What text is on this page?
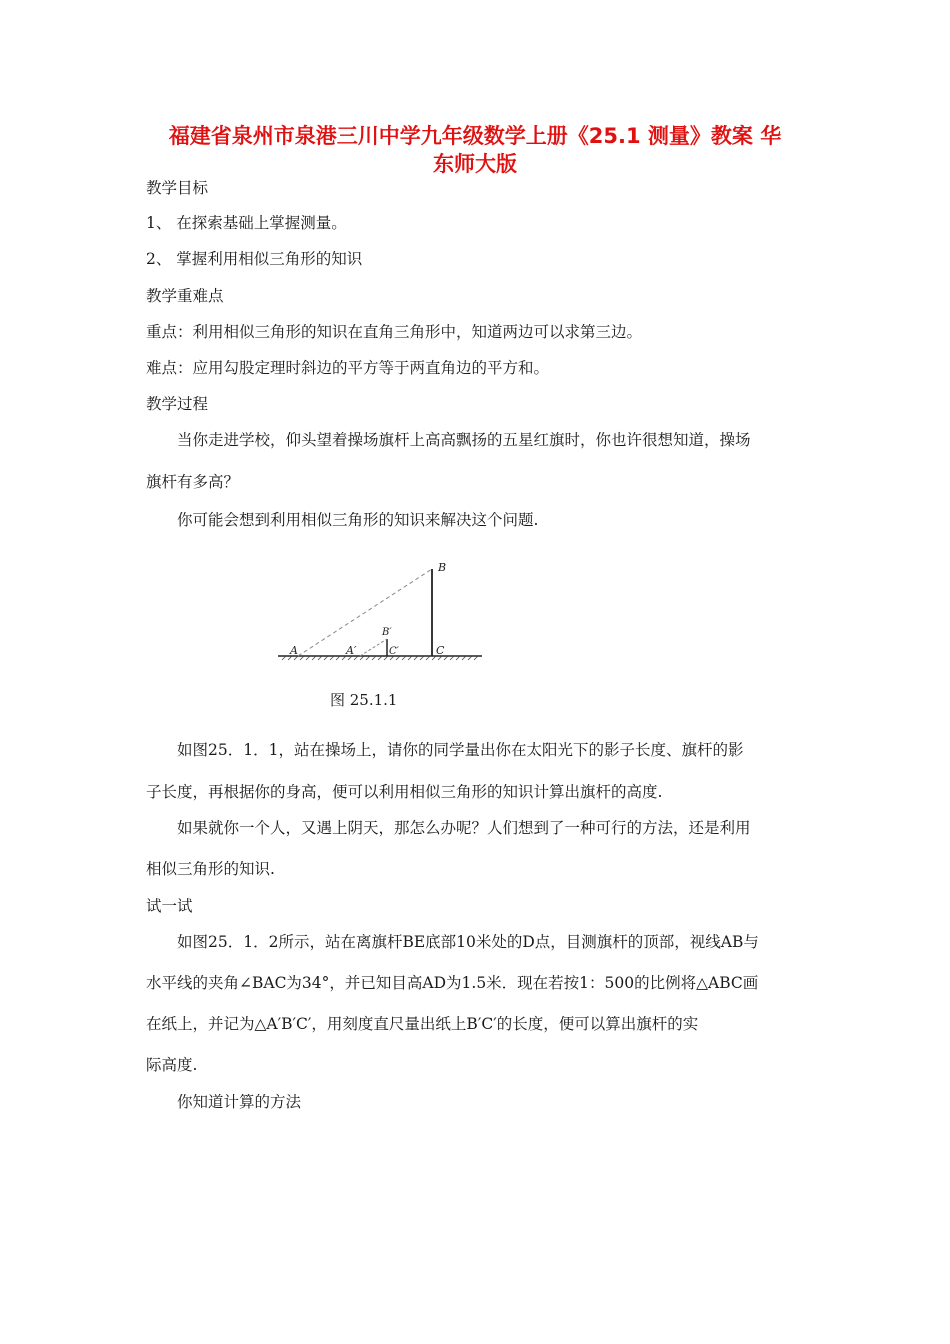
福建省泉州市泉港三川中学九年级数学上册《25.1 测量》教案 华
东师大版
教学目标
1、 在探索基础上掌握测量。
2、 掌握利用相似三角形的知识
教学重难点
重点：利用相似三角形的知识在直角三角形中，知道两边可以求第三边。
难点：应用勾股定理时斜边的平方等于两直角边的平方和。
教学过程
当你走进学校，仰头望着操场旗杆上高高飘扬的五星红旗时，你也许很想知道，操场
旗杆有多高？
你可能会想到利用相似三角形的知识来解决这个问题.
A	A′
B′
C′
B
C
图 25.1.1
如图25．1．1，站在操场上，请你的同学量出你在太阳光下的影子长度、旗杆的影
子长度，再根据你的身高，便可以利用相似三角形的知识计算出旗杆的高度.
如果就你一个人，又遇上阴天，那怎么办呢？人们想到了一种可行的方法，还是利用
相似三角形的知识.
试一试
如图25．1．2所示，站在离旗杆BE底部10米处的D点，目测旗杆的顶部，视线AB与
水平线的夹角∠BAC为34°，并已知目高AD为1.5米．现在若按1：500的比例将△ABC画
在纸上，并记为△A′B′C′，用刻度直尺量出纸上B′C′的长度，便可以算出旗杆的实
际高度.
你知道计算的方法
